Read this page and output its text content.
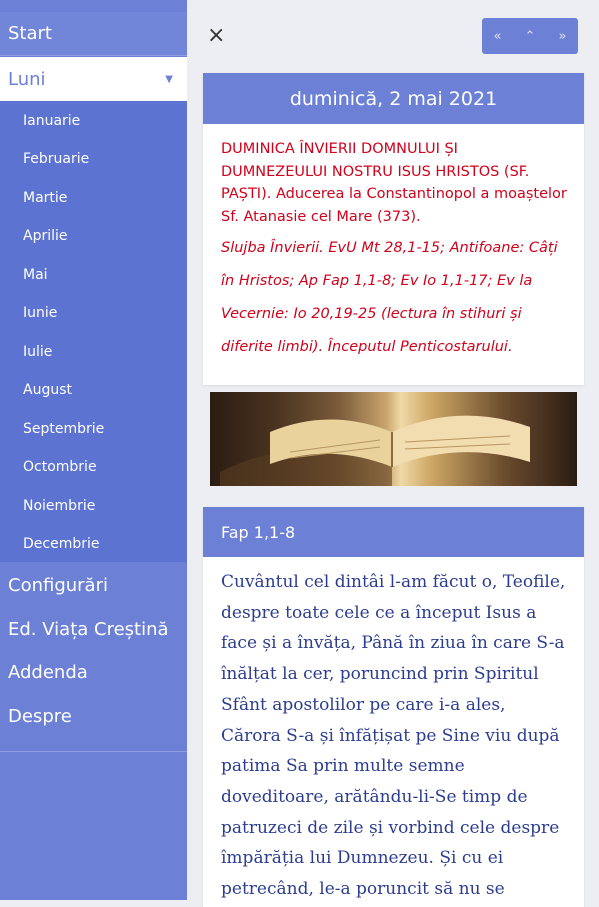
Start
Luni	▼
Ianuarie
Februarie
Martie
Aprilie
Mai
Iunie
Iulie
August
Septembrie
Octombrie
Noiembrie
Decembrie
Configurări
Ed. Viața Creștină
Addenda
Despre
×	« ⌃ »
duminică, 2 mai 2021
DUMINICA ÎNVIERII DOMNULUI ȘI DUMNEZEULUI NOSTRU ISUS HRISTOS (SF. PAȘTI). Aducerea la Constantinopol a moaștelor Sf. Atanasie cel Mare (373).
Slujba Învierii. EvU Mt 28,1-15; Antifoane: Câți în Hristos; Ap Fap 1,1-8; Ev Io 1,1-17; Ev la Vecernie: Io 20,19-25 (lectura în stihuri și diferite limbi). Începutul Penticostarului.
Fap 1,1-8
Cuvântul cel dintâi l-am făcut o, Teofile, despre toate cele ce a început Isus a face și a învăța, Până în ziua în care S-a înălțat la cer, poruncind prin Spiritul Sfânt apostolilor pe care i-a ales, Cărora S-a și înfățișat pe Sine viu după patima Sa prin multe semne doveditoare, arătându-li-Se timp de patruzeci de zile și vorbind cele despre împărăția lui Dumnezeu. Și cu ei petrecând, le-a poruncit să nu se
